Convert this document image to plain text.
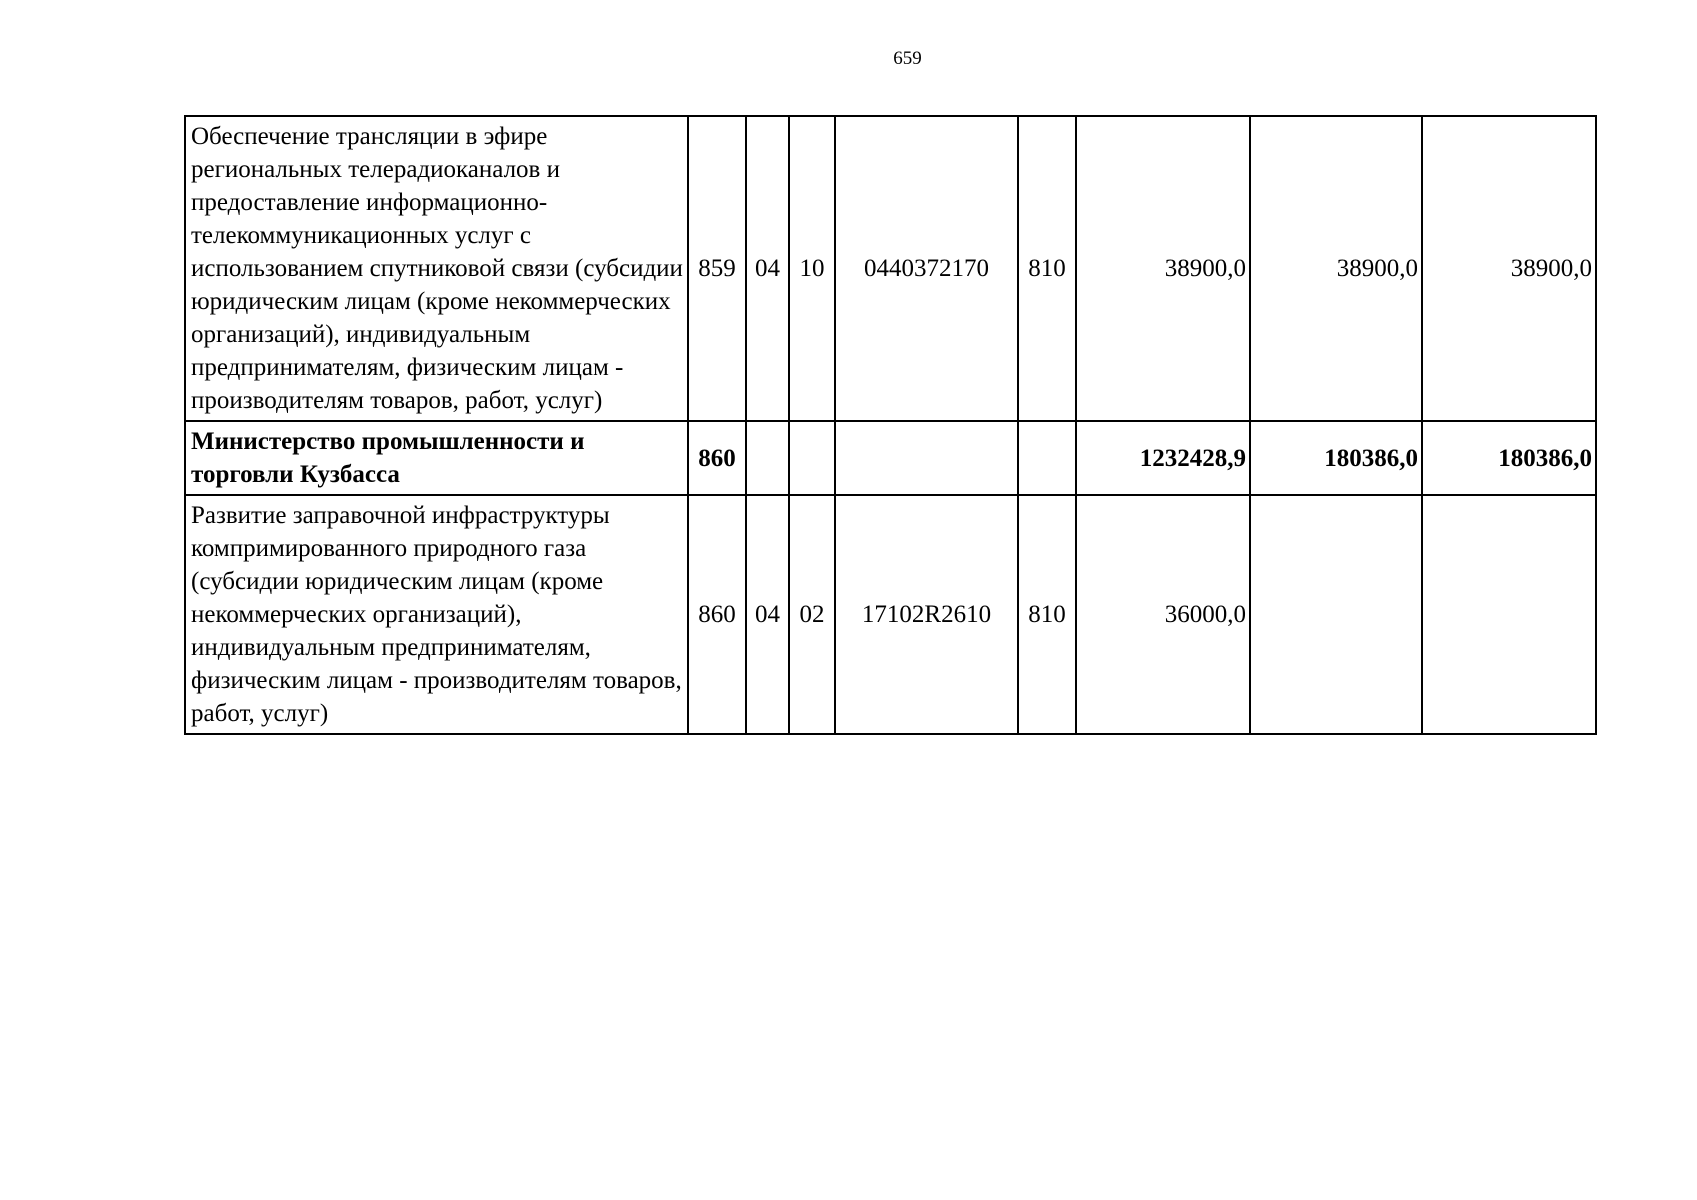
659
Обеспечение трансляции в эфире региональных телерадиоканалов и предоставление информационно-телекоммуникационных услуг с использованием спутниковой связи (субсидии юридическим лицам (кроме некоммерческих организаций), индивидуальным предпринимателям, физическим лицам - производителям товаров, работ, услуг)	859	04	10	0440372170	810	38900,0	38900,0	38900,0
Министерство промышленности и торговли Кузбасса	860					1232428,9	180386,0	180386,0
Развитие заправочной инфраструктуры компримированного природного газа (субсидии юридическим лицам (кроме некоммерческих организаций), индивидуальным предпринимателям, физическим лицам - производителям товаров, работ, услуг)	860	04	02	17102R2610	810	36000,0		
